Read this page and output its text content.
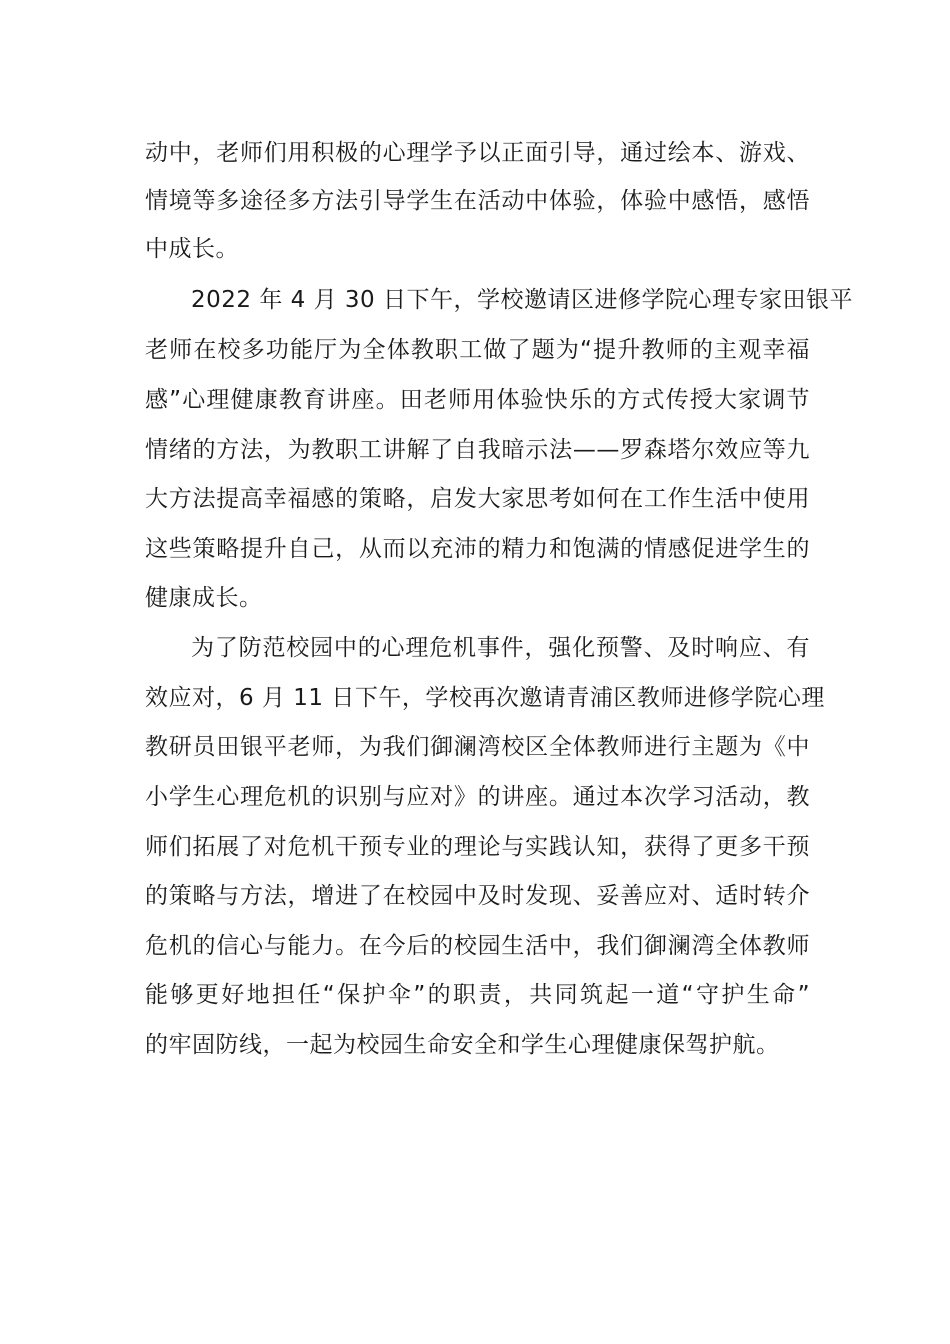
动中，老师们用积极的心理学予以正面引导，通过绘本、游戏、
情境等多途径多方法引导学生在活动中体验，体验中感悟，感悟
中成长。
2022 年 4 月 30 日下午，学校邀请区进修学院心理专家田银平
老师在校多功能厅为全体教职工做了题为“提升教师的主观幸福
感”心理健康教育讲座。田老师用体验快乐的方式传授大家调节
情绪的方法，为教职工讲解了自我暗示法——罗森塔尔效应等九
大方法提高幸福感的策略，启发大家思考如何在工作生活中使用
这些策略提升自己，从而以充沛的精力和饱满的情感促进学生的
健康成长。
为了防范校园中的心理危机事件，强化预警、及时响应、有
效应对，6 月 11 日下午，学校再次邀请青浦区教师进修学院心理
教研员田银平老师，为我们御澜湾校区全体教师进行主题为《中
小学生心理危机的识别与应对》的讲座。通过本次学习活动，教
师们拓展了对危机干预专业的理论与实践认知，获得了更多干预
的策略与方法，增进了在校园中及时发现、妥善应对、适时转介
危机的信心与能力。在今后的校园生活中，我们御澜湾全体教师
能够更好地担任“保护伞”的职责，共同筑起一道“守护生命”
的牢固防线，一起为校园生命安全和学生心理健康保驾护航。
